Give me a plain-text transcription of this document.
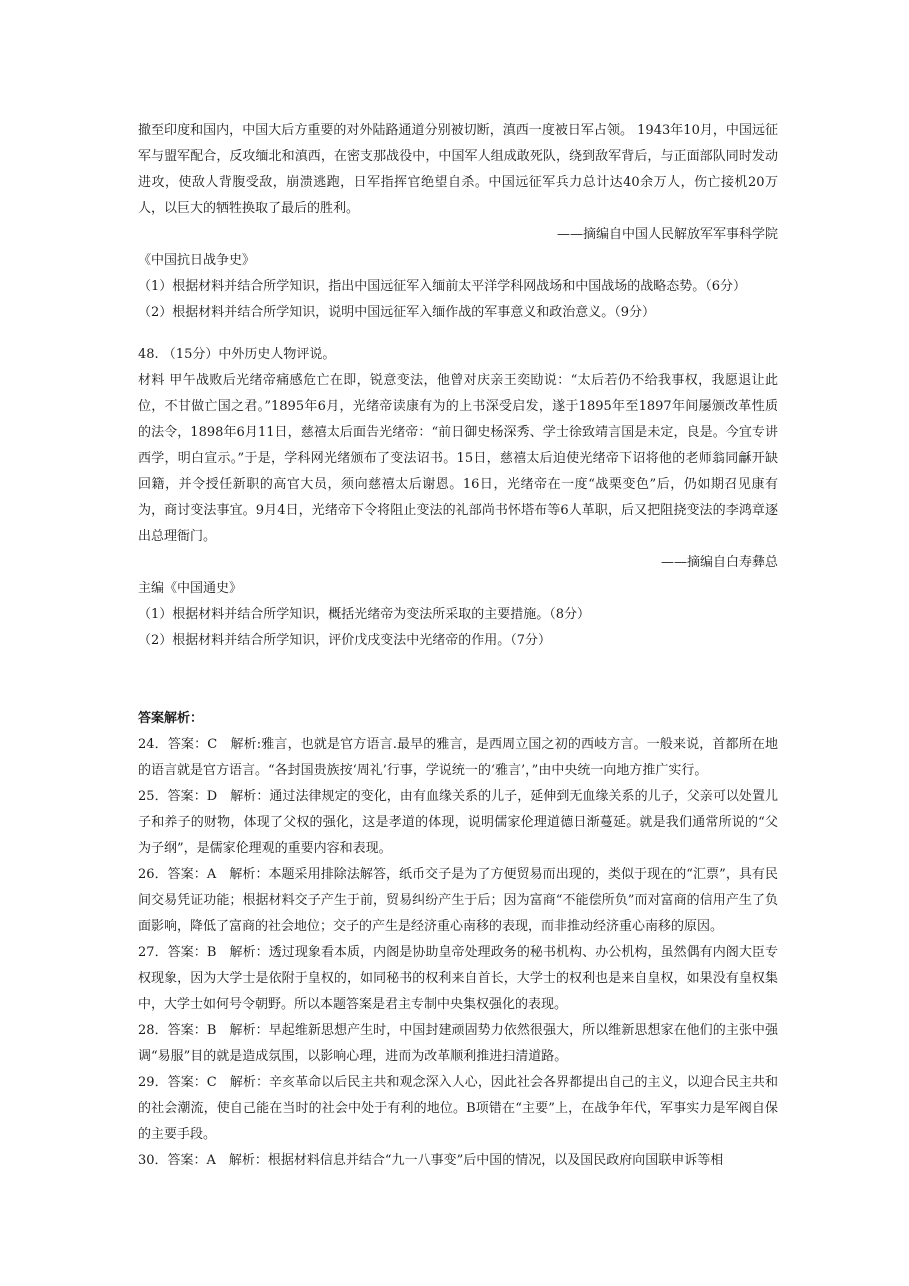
撤至印度和国内，中国大后方重要的对外陆路通道分别被切断，滇西一度被日军占领。 1943年10月，中国远征军与盟军配合，反攻缅北和滇西，在密支那战役中，中国军人组成敢死队，绕到敌军背后，与正面部队同时发动进攻，使敌人背腹受敌，崩溃逃跑，日军指挥官绝望自杀。中国远征军兵力总计达40余万人，伤亡接机20万人，以巨大的牺牲换取了最后的胜利。

——摘编自中国人民解放军军事科学院

《中国抗日战争史》

（1）根据材料并结合所学知识，指出中国远征军入缅前太平洋学科网战场和中国战场的战略态势。（6分）

（2）根据材料并结合所学知识，说明中国远征军入缅作战的军事意义和政治意义。（9分）

48. （15分）中外历史人物评说。

材料 甲午战败后光绪帝痛感危亡在即，锐意变法，他曾对庆亲王奕劻说：“太后若仍不给我事权，我愿退让此位，不甘做亡国之君。”1895年6月，光绪帝读康有为的上书深受启发，遂于1895年至1897年间屡颁改革性质的法令，1898年6月11日，慈禧太后面告光绪帝：“前日御史杨深秀、学士徐致靖言国是未定，良是。今宜专讲西学，明白宣示。”于是，学科网光绪颁布了变法诏书。15日，慈禧太后迫使光绪帝下诏将他的老师翁同龢开缺回籍，并令授任新职的高官大员，须向慈禧太后谢恩。16日，光绪帝在一度“战栗变色”后，仍如期召见康有为，商讨变法事宜。9月4日，光绪帝下令将阻止变法的礼部尚书怀塔布等6人革职，后又把阻挠变法的李鸿章逐出总理衙门。

——摘编自白寿彝总

主编《中国通史》

（1）根据材料并结合所学知识，概括光绪帝为变法所采取的主要措施。（8分）

（2）根据材料并结合所学知识，评价戊戌变法中光绪帝的作用。（7分）

答案解析：

24．答案：C　解析:雅言，也就是官方语言.最早的雅言，是西周立国之初的西岐方言。一般来说，首都所在地的语言就是官方语言。“各封国贵族按‘周礼’行事，学说统一的‘雅言’，”由中央统一向地方推广实行。

25．答案：D　解析：通过法律规定的变化，由有血缘关系的儿子，延伸到无血缘关系的儿子，父亲可以处置儿子和养子的财物，体现了父权的强化，这是孝道的体现，说明儒家伦理道德日渐蔓延。就是我们通常所说的“父为子纲”，是儒家伦理观的重要内容和表现。

26．答案：A　解析：本题采用排除法解答，纸币交子是为了方便贸易而出现的，类似于现在的“汇票”，具有民间交易凭证功能；根据材料交子产生于前，贸易纠纷产生于后；因为富商“不能偿所负”而对富商的信用产生了负面影响，降低了富商的社会地位；交子的产生是经济重心南移的表现，而非推动经济重心南移的原因。

27．答案：B　解析：透过现象看本质，内阁是协助皇帝处理政务的秘书机构、办公机构，虽然偶有内阁大臣专权现象，因为大学士是依附于皇权的，如同秘书的权利来自首长，大学士的权利也是来自皇权，如果没有皇权集中，大学士如何号令朝野。所以本题答案是君主专制中央集权强化的表现。

28．答案：B　解析：早起维新思想产生时，中国封建顽固势力依然很强大，所以维新思想家在他们的主张中强调“易服”目的就是造成氛围，以影响心理，进而为改革顺利推进扫清道路。

29．答案：C　解析：辛亥革命以后民主共和观念深入人心，因此社会各界都提出自己的主义，以迎合民主共和的社会潮流，使自己能在当时的社会中处于有利的地位。B项错在“主要”上，在战争年代，军事实力是军阀自保的主要手段。

30．答案：A　解析：根据材料信息并结合“九一八事变”后中国的情况，以及国民政府向国联申诉等相
